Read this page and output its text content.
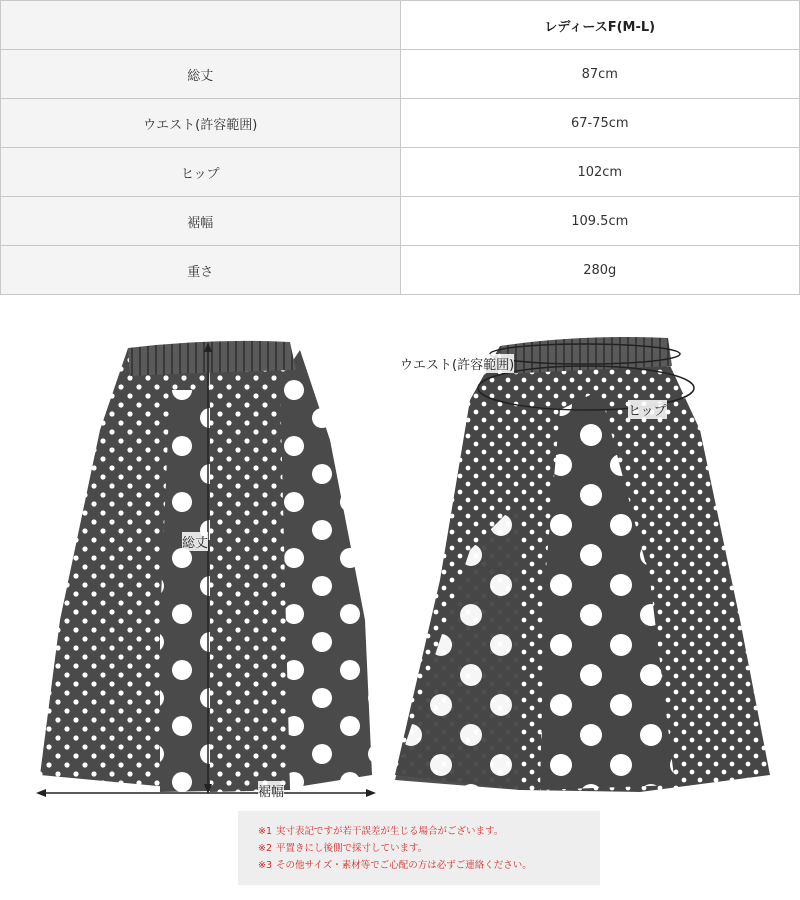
	レディースF(M-L)
総丈	87cm
ウエスト(許容範囲)	67-75cm
ヒップ	102cm
裾幅	109.5cm
重さ	280g
総丈
裾幅
ウエスト(許容範囲)
ヒップ
※1 実寸表記ですが若干誤差が生じる場合がございます。
※2 平置きにし後側で採寸しています。
※3 その他サイズ・素材等でご心配の方は必ずご連絡ください。
